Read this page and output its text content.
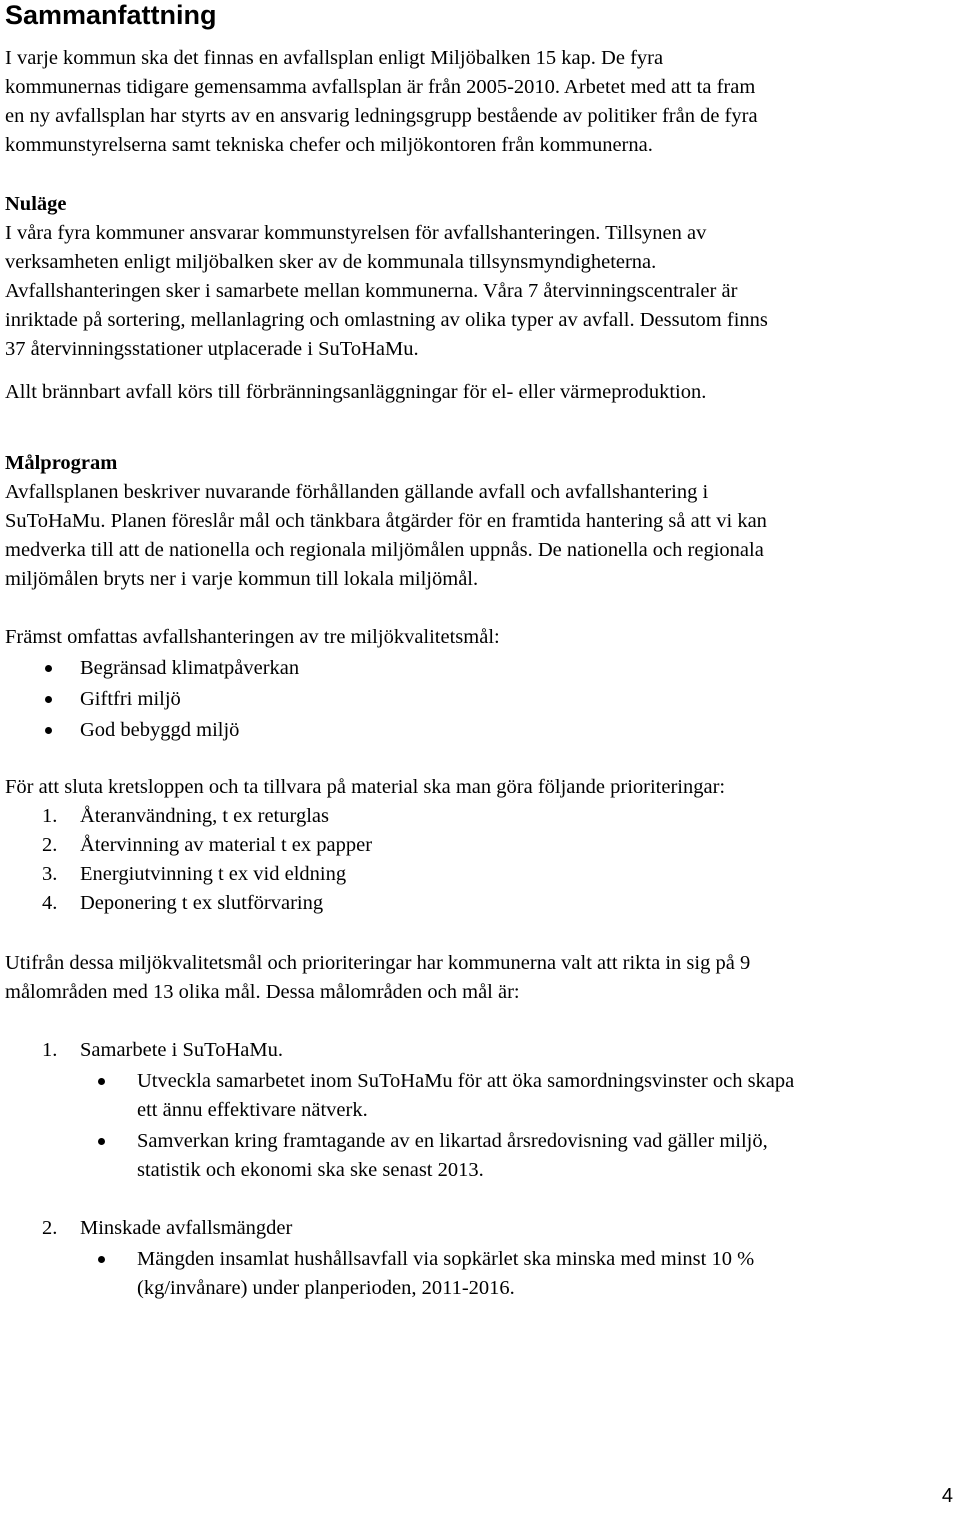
Sammanfattning
I varje kommun ska det finnas en avfallsplan enligt Miljöbalken 15 kap. De fyra
kommunernas tidigare gemensamma avfallsplan är från 2005-2010. Arbetet med att ta fram
en ny avfallsplan har styrts av en ansvarig ledningsgrupp bestående av politiker från de fyra
kommunstyrelserna samt tekniska chefer och miljökontoren från kommunerna.
Nuläge
I våra fyra kommuner ansvarar kommunstyrelsen för avfallshanteringen. Tillsynen av
verksamheten enligt miljöbalken sker av de kommunala tillsynsmyndigheterna.
Avfallshanteringen sker i samarbete mellan kommunerna. Våra 7 återvinningscentraler är
inriktade på sortering, mellanlagring och omlastning av olika typer av avfall. Dessutom finns
37 återvinningsstationer utplacerade i SuToHaMu.
Allt brännbart avfall körs till förbränningsanläggningar för el- eller värmeproduktion.
Målprogram
Avfallsplanen beskriver nuvarande förhållanden gällande avfall och avfallshantering i
SuToHaMu. Planen föreslår mål och tänkbara åtgärder för en framtida hantering så att vi kan
medverka till att de nationella och regionala miljömålen uppnås. De nationella och regionala
miljömålen bryts ner i varje kommun till lokala miljömål.
Främst omfattas avfallshanteringen av tre miljökvalitetsmål:
Begränsad klimatpåverkan
Giftfri miljö
God bebyggd miljö
För att sluta kretsloppen och ta tillvara på material ska man göra följande prioriteringar:
1. Återanvändning, t ex returglas
2. Återvinning av material t ex papper
3. Energiutvinning t ex vid eldning
4. Deponering t ex slutförvaring
Utifrån dessa miljökvalitetsmål och prioriteringar har kommunerna valt att rikta in sig på 9
målområden med 13 olika mål. Dessa målområden och mål är:
1. Samarbete i SuToHaMu.
Utveckla samarbetet inom SuToHaMu för att öka samordningsvinster och skapa
ett ännu effektivare nätverk.
Samverkan kring framtagande av en likartad årsredovisning vad gäller miljö,
statistik och ekonomi ska ske senast 2013.
2. Minskade avfallsmängder
Mängden insamlat hushållsavfall via sopkärlet ska minska med minst 10 %
(kg/invånare) under planperioden, 2011-2016.
4
